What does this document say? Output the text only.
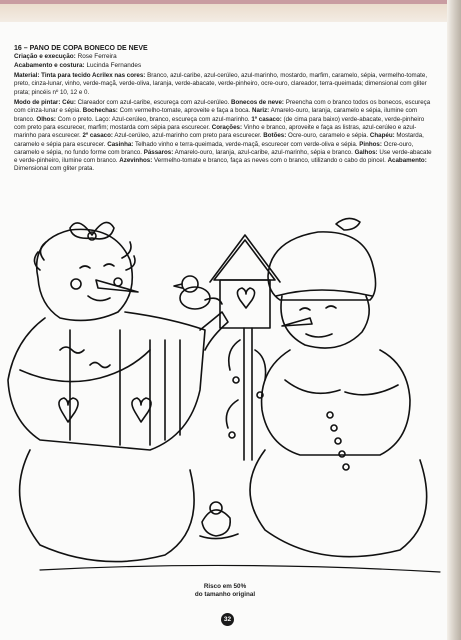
16 – PANO DE COPA BONECO DE NEVE
Criação e execução: Rose Ferreira
Acabamento e costura: Lucinda Fernandes
Material: Tinta para tecido Acrilex nas cores: Branco, azul-caribe, azul-cerúleo, azul-marinho, mostardo, marfim, caramelo, sépia, vermelho-tomate, preto, cinza-lunar, vinho, verde-maçã, verde-oliva, laranja, verde-abacate, verde-pinheiro, ocre-ouro, clareador, terra-queimada; dimensional com gliter prata; pincéis nº 10, 12 e 0.
Modo de pintar: Céu: Clareador com azul-caribe, escureça com azul-cerúleo. Bonecos de neve: Preencha com o branco todos os bonecos, escureça com cinza-lunar e sépia. Bochechas: Com vermelho-tomate, aproveite e faça a boca. Nariz: Amarelo-ouro, laranja, caramelo e sépia, ilumine com branco. Olhos: Com o preto. Laço: Azul-cerúleo, branco, escureça com azul-marinho. 1º casaco: (de cima para baixo) verde-abacate, verde-pinheiro com preto para escurecer, marfim; mostarda com sépia para escurecer. Corações: Vinho e branco, aproveite e faça as listras, azul-cerúleo e azul-marinho para escurecer. 2º casaco: Azul-cerúleo, azul-marinho com preto para escurecer. Botões: Ocre-ouro, caramelo e sépia. Chapéu: Mostarda, caramelo e sépia para escurecer. Casinha: Telhado vinho e terra-queimada, verde-maçã, escurecer com verde-oliva e sépia. Pinhos: Ocre-ouro, caramelo e sépia, no fundo forme com branco. Pássaros: Amarelo-ouro, laranja, azul-caribe, azul-marinho, sépia e branco. Galhos: Use verde-abacate e verde-pinheiro, ilumine com branco. Azevinhos: Vermelho-tomate e branco, faça as neves com o branco, utilizando o cabo do pincel. Acabamento: Dimensional com gliter prata.
Risco em 50%
do tamanho original
32
